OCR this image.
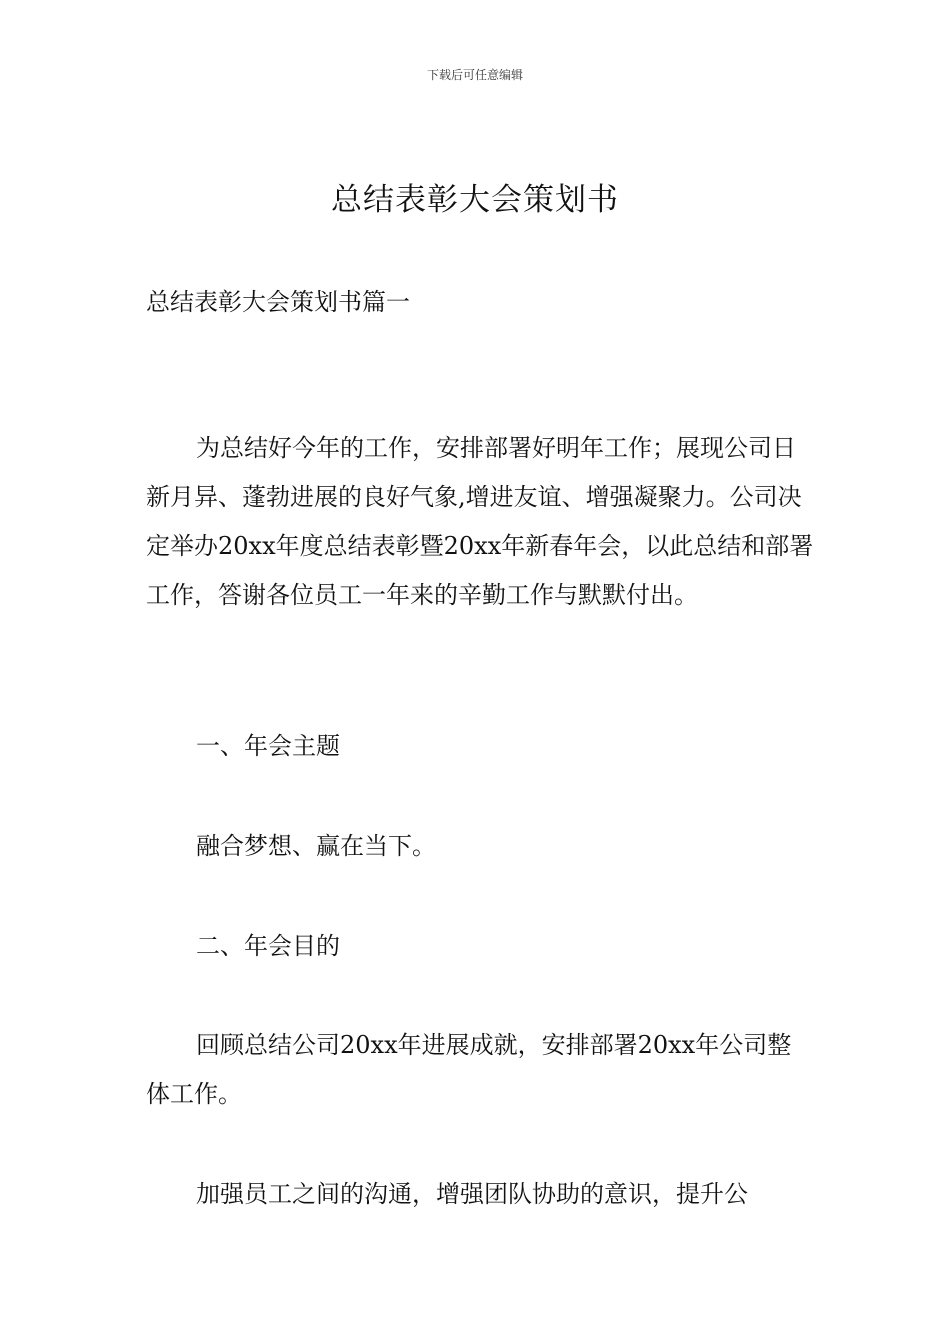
下载后可任意编辑
总结表彰大会策划书

总结表彰大会策划书篇一

为总结好今年的工作，安排部署好明年工作；展现公司日新月异、蓬勃进展的良好气象,增进友谊、增强凝聚力。公司决定举办20xx年度总结表彰暨20xx年新春年会，以此总结和部署工作，答谢各位员工一年来的辛勤工作与默默付出。

一、年会主题

融合梦想、赢在当下。

二、年会目的

回顾总结公司20xx年进展成就，安排部署20xx年公司整体工作。

加强员工之间的沟通，增强团队协助的意识，提升公
